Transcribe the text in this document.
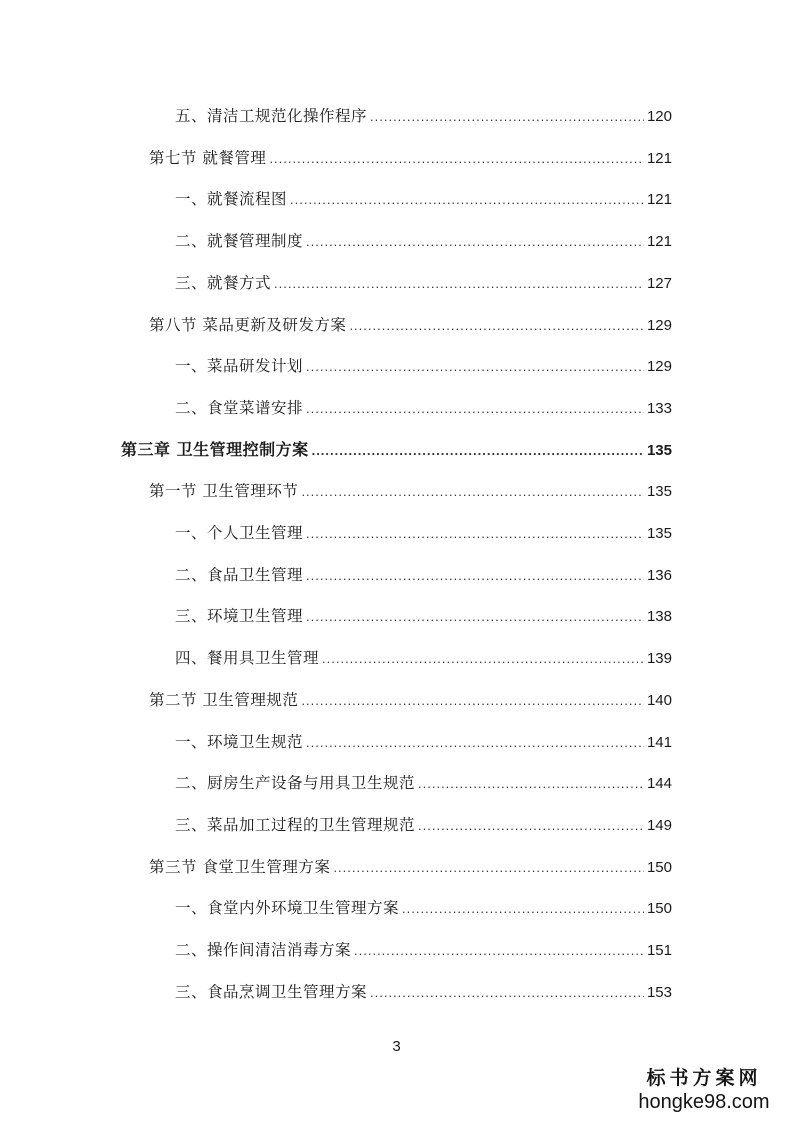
五、清洁工规范化操作程序 .....	120
第七节 就餐管理 .....	121
一、就餐流程图 .....	121
二、就餐管理制度 .....	121
三、就餐方式 .....	127
第八节 菜品更新及研发方案 .....	129
一、菜品研发计划 .....	129
二、食堂菜谱安排 .....	133
第三章 卫生管理控制方案 .....	135
第一节 卫生管理环节 .....	135
一、个人卫生管理 .....	135
二、食品卫生管理 .....	136
三、环境卫生管理 .....	138
四、餐用具卫生管理 .....	139
第二节 卫生管理规范 .....	140
一、环境卫生规范 .....	141
二、厨房生产设备与用具卫生规范 .....	144
三、菜品加工过程的卫生管理规范 .....	149
第三节 食堂卫生管理方案 .....	150
一、食堂内外环境卫生管理方案 .....	150
二、操作间清洁消毒方案 .....	151
三、食品烹调卫生管理方案 .....	153
3
标书方案网
hongke98.com
